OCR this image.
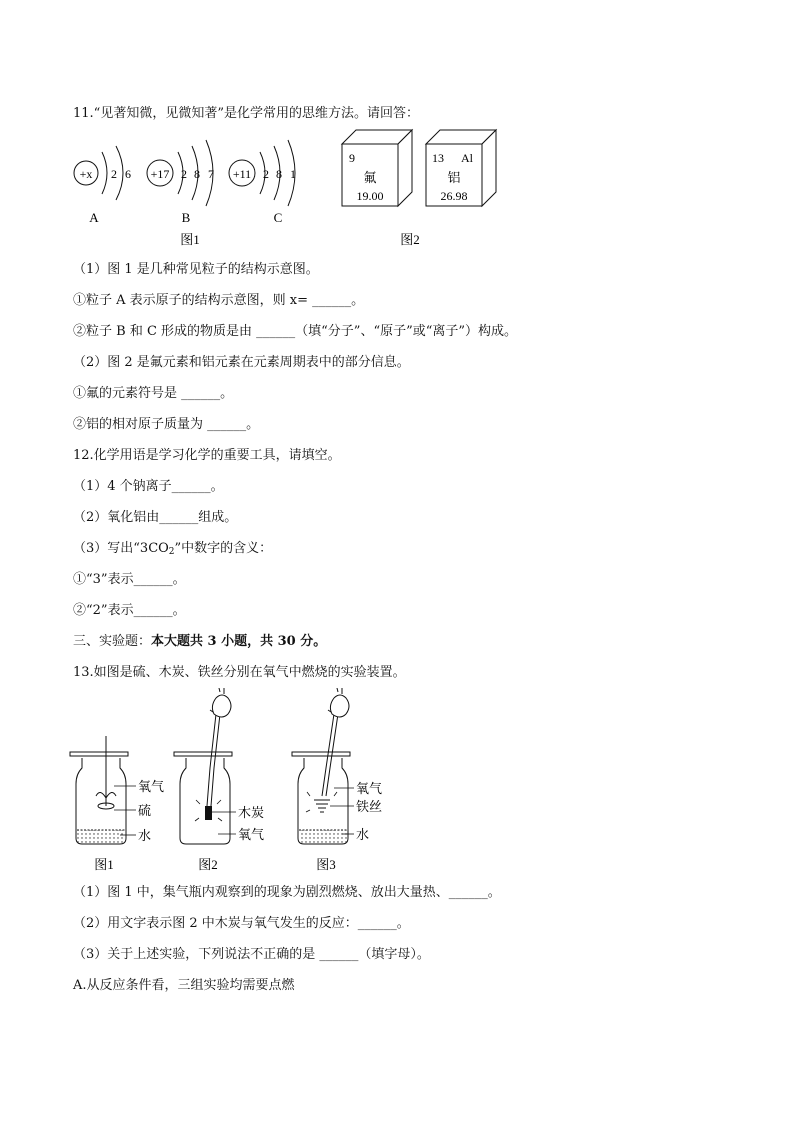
11.“见著知微，见微知著”是化学常用的思维方法。请回答：
+x 2 6
A
+17 2 8 7
B
+11 2 8 1
C
图1
9
氟
19.00
13 Al
铝
26.98
图2
（1）图 1 是几种常见粒子的结构示意图。
①粒子 A 表示原子的结构示意图，则 x= ______。
②粒子 B 和 C 形成的物质是由 ______（填“分子”、“原子”或“离子”）构成。
（2）图 2 是氟元素和铝元素在元素周期表中的部分信息。
①氟的元素符号是 ______。
②铝的相对原子质量为 ______。
12.化学用语是学习化学的重要工具，请填空。
（1）4 个钠离子______。
（2）氧化铝由______组成。
（3）写出“$3CO_2$”中数字的含义：
①“3”表示______。
②“2”表示______。
三、实验题：本大题共 3 小题，共 30 分。
13.如图是硫、木炭、铁丝分别在氧气中燃烧的实验装置。
氧气
硫
水
图1
木炭
氧气
图2
氧气
铁丝
水
图3
（1）图 1 中，集气瓶内观察到的现象为剧烈燃烧、放出大量热、______。
（2）用文字表示图 2 中木炭与氧气发生的反应：______。
（3）关于上述实验，下列说法不正确的是 ______（填字母）。
A.从反应条件看，三组实验均需要点燃
